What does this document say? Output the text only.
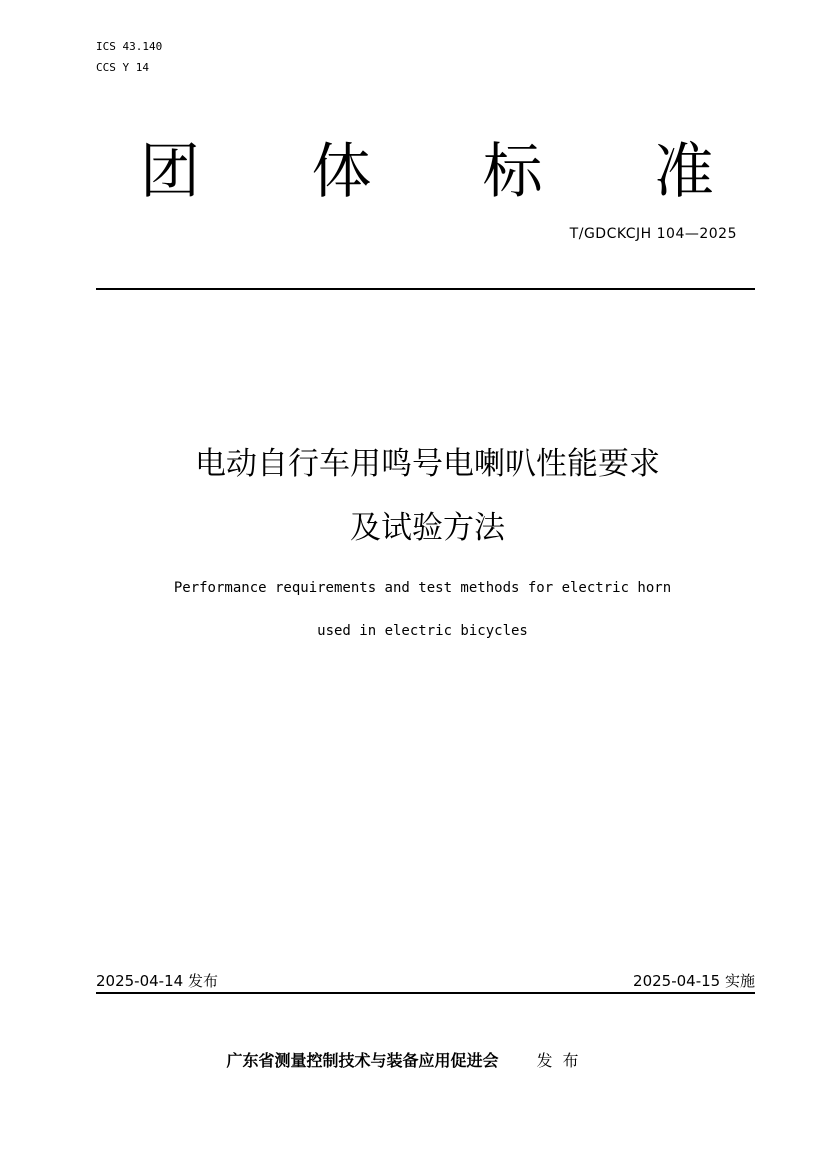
ICS 43.140
CCS Y 14
团 体 标 准
T/GDCKCJH 104—2025
电动自行车用鸣号电喇叭性能要求
及试验方法
Performance requirements and test methods for electric horn
used in electric bicycles
2025-04-14 发布	2025-04-15 实施
广东省测量控制技术与装备应用促进会 发布
